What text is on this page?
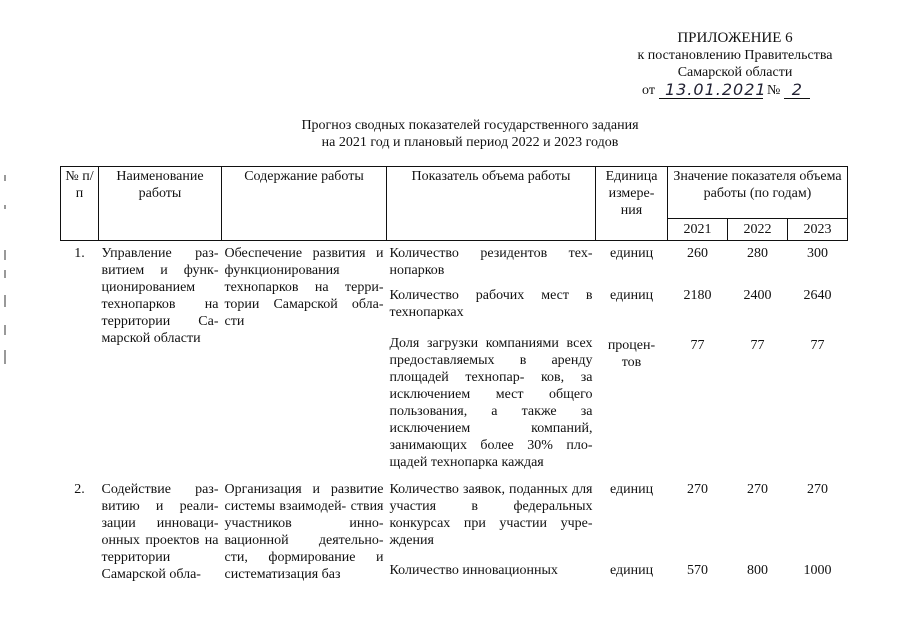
ПРИЛОЖЕНИЕ 6
к постановлению Правительства
Самарской области
от 13.01.2021 № 2
Прогноз сводных показателей государственного задания
на 2021 год и плановый период 2022 и 2023 годов
№ п/п	Наименование работы	Содержание работы	Показатель объема работы	Единица измере- ния	Значение показателя объема работы (по годам)		
					2021	2022	2023
1.	Управление раз- витием и функ- ционированием технопарков на территории Са- марской области	Обеспечение развития и функционирования технопарков на терри- тории Самарской обла- сти	Количество резидентов тех- нопарков	единиц	260	280	300
			Количество рабочих мест в технопарках	единиц	2180	2400	2640
			Доля загрузки компаниями всех предоставляемых в аренду площадей технопар- ков, за исключением мест общего пользования, а также за исключением компаний, занимающих более 30% пло- щадей технопарка каждая	процен- тов	77	77	77
2.	Содействие раз- витию и реали- зации инноваци- онных проектов на территории Самарской обла-	Организация и развитие системы взаимодей- ствия участников инно- вационной деятельно- сти, формирование и систематизация баз	Количество заявок, поданных для участия в федеральных конкурсах при участии учре- ждения	единиц	270	270	270
			Количество инновационных	единиц	570	800	1000
